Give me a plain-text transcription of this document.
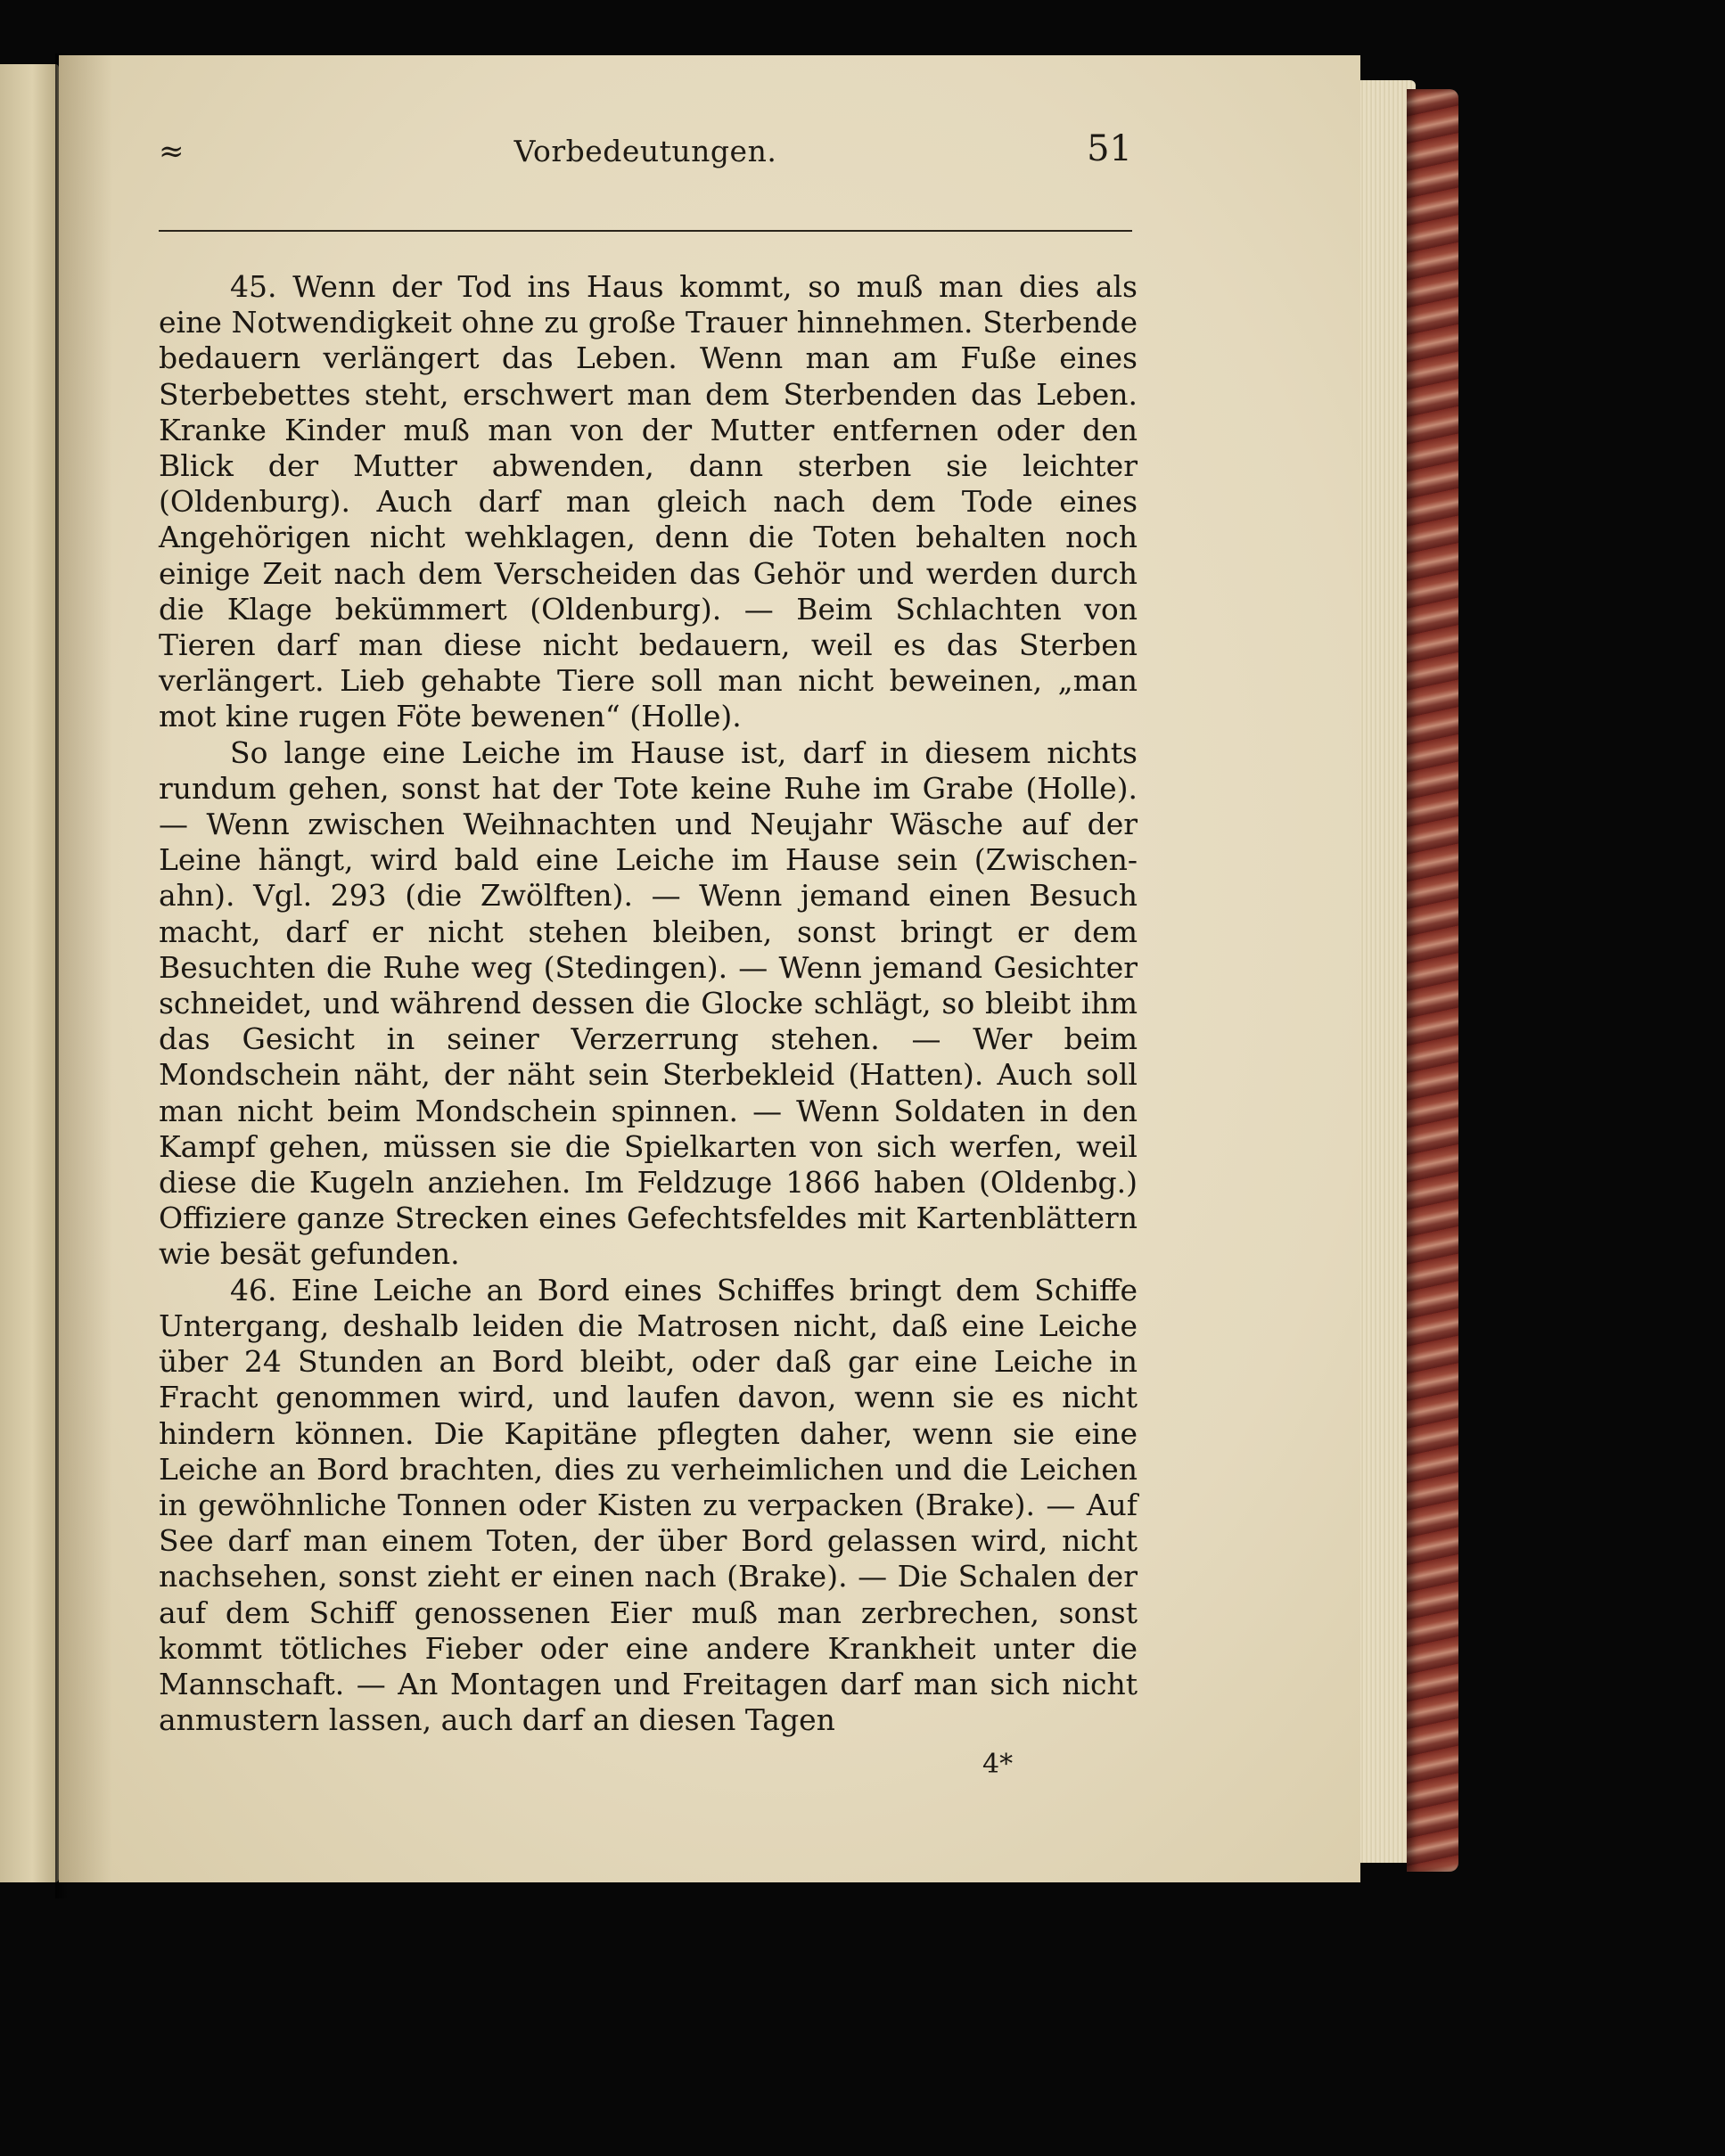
≈	Vorbedeutungen.	51

45. Wenn der Tod ins Haus kommt, so muß man dies als eine Notwendigkeit ohne zu große Trauer hinnehmen. Sterbende bedauern verlängert das Leben. Wenn man am Fuße eines Sterbebettes steht, erschwert man dem Sterbenden das Leben. Kranke Kinder muß man von der Mutter entfernen oder den Blick der Mutter abwenden, dann sterben sie leichter (Oldenburg). Auch darf man gleich nach dem Tode eines Angehörigen nicht wehklagen, denn die Toten behalten noch einige Zeit nach dem Verscheiden das Gehör und werden durch die Klage bekümmert (Oldenburg). — Beim Schlachten von Tieren darf man diese nicht bedauern, weil es das Sterben verlängert. Lieb gehabte Tiere soll man nicht beweinen, „man mot kine rugen Föte bewenen“ (Holle).

So lange eine Leiche im Hause ist, darf in diesem nichts rundum gehen, sonst hat der Tote keine Ruhe im Grabe (Holle). — Wenn zwischen Weihnachten und Neujahr Wäsche auf der Leine hängt, wird bald eine Leiche im Hause sein (Zwischenahn). Vgl. 293 (die Zwölften). — Wenn jemand einen Besuch macht, darf er nicht stehen bleiben, sonst bringt er dem Besuchten die Ruhe weg (Stedingen). — Wenn jemand Gesichter schneidet, und während dessen die Glocke schlägt, so bleibt ihm das Gesicht in seiner Verzerrung stehen. — Wer beim Mondschein näht, der näht sein Sterbekleid (Hatten). Auch soll man nicht beim Mondschein spinnen. — Wenn Soldaten in den Kampf gehen, müssen sie die Spielkarten von sich werfen, weil diese die Kugeln anziehen. Im Feldzuge 1866 haben (Oldenbg.) Offiziere ganze Strecken eines Gefechtsfeldes mit Kartenblättern wie besät gefunden.

46. Eine Leiche an Bord eines Schiffes bringt dem Schiffe Untergang, deshalb leiden die Matrosen nicht, daß eine Leiche über 24 Stunden an Bord bleibt, oder daß gar eine Leiche in Fracht genommen wird, und laufen davon, wenn sie es nicht hindern können. Die Kapitäne pflegten daher, wenn sie eine Leiche an Bord brachten, dies zu verheimlichen und die Leichen in gewöhnliche Tonnen oder Kisten zu verpacken (Brake). — Auf See darf man einem Toten, der über Bord gelassen wird, nicht nachsehen, sonst zieht er einen nach (Brake). — Die Schalen der auf dem Schiff genossenen Eier muß man zerbrechen, sonst kommt tötliches Fieber oder eine andere Krankheit unter die Mannschaft. — An Montagen und Freitagen darf man sich nicht anmustern lassen, auch darf an diesen Tagen

4*
